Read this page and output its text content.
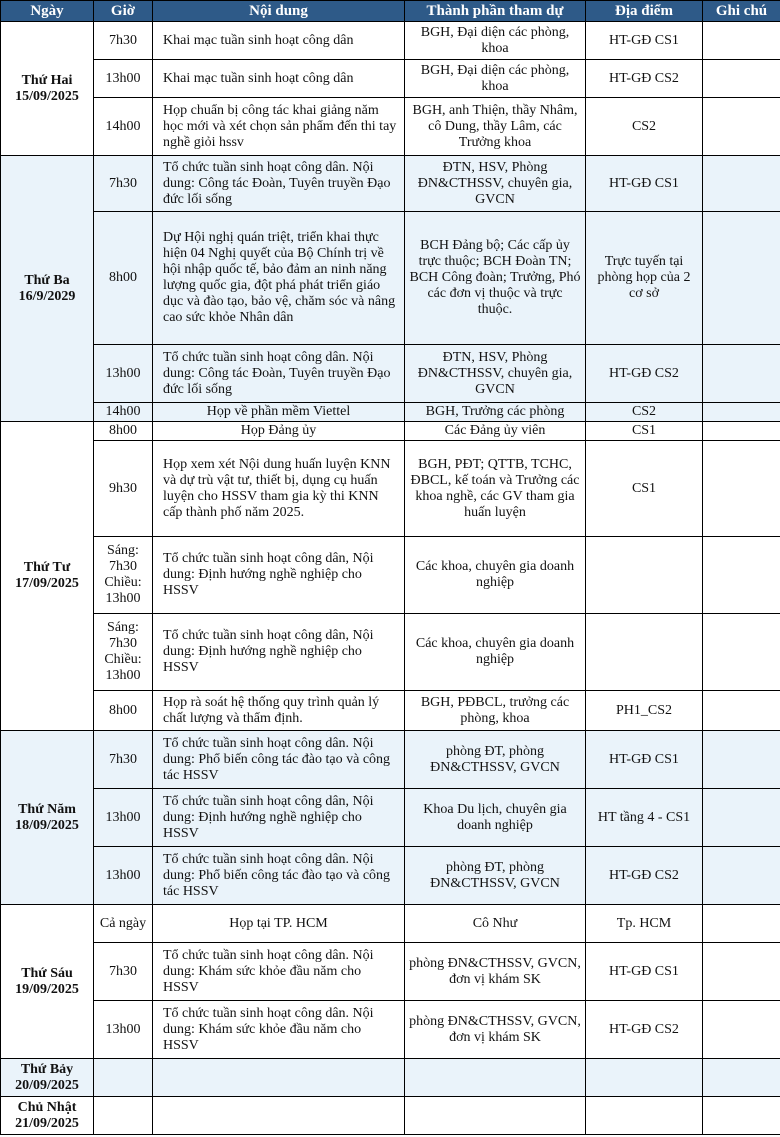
Ngày	Giờ	Nội dung	Thành phần tham dự	Địa điểm	Ghi chú

Thứ Hai
15/09/2025	7h30	Khai mạc tuần sinh hoạt công dân	BGH, Đại diện các phòng, khoa	HT-GĐ CS1	
	13h00	Khai mạc tuần sinh hoạt công dân	BGH, Đại diện các phòng, khoa	HT-GĐ CS2	
	14h00	Họp chuẩn bị công tác khai giảng năm học mới và xét chọn sản phẩm đến thi tay nghề giỏi hssv	BGH, anh Thiện, thầy Nhâm, cô Dung, thầy Lâm, các Trưởng khoa	CS2	

Thứ Ba
16/9/2029	7h30	Tổ chức tuần sinh hoạt công dân. Nội dung: Công tác Đoàn, Tuyên truyền Đạo đức lối sống	ĐTN, HSV, Phòng ĐN&CTHSSV, chuyên gia, GVCN	HT-GĐ CS1	
	8h00	Dự Hội nghị quán triệt, triển khai thực hiện 04 Nghị quyết của Bộ Chính trị về hội nhập quốc tế, bảo đảm an ninh năng lượng quốc gia, đột phá phát triển giáo dục và đào tạo, bảo vệ, chăm sóc và nâng cao sức khỏe Nhân dân	BCH Đảng bộ; Các cấp ủy trực thuộc; BCH Đoàn TN; BCH Công đoàn; Trưởng, Phó các đơn vị thuộc và trực thuộc.	Trực tuyến tại phòng họp của 2 cơ sở	
	13h00	Tổ chức tuần sinh hoạt công dân. Nội dung: Công tác Đoàn, Tuyên truyền Đạo đức lối sống	ĐTN, HSV, Phòng ĐN&CTHSSV, chuyên gia, GVCN	HT-GĐ CS2	
	14h00	Họp về phần mềm Viettel	BGH, Trưởng các phòng	CS2	

Thứ Tư
17/09/2025	8h00	Họp Đảng ủy	Các Đảng ủy viên	CS1	
	9h30	Họp xem xét Nội dung huấn luyện KNN và dự trù vật tư, thiết bị, dụng cụ huấn luyện cho HSSV tham gia kỳ thi KNN cấp thành phố năm 2025.	BGH, PĐT; QTTB, TCHC, ĐBCL, kế toán và Trưởng các khoa nghề, các GV tham gia huấn luyện	CS1	
	Sáng: 7h30 Chiều: 13h00	Tổ chức tuần sinh hoạt công dân, Nội dung: Định hướng nghề nghiệp cho HSSV	Các khoa, chuyên gia doanh nghiệp		
	Sáng: 7h30 Chiều: 13h00	Tổ chức tuần sinh hoạt công dân, Nội dung: Định hướng nghề nghiệp cho HSSV	Các khoa, chuyên gia doanh nghiệp		
	8h00	Họp rà soát hệ thống quy trình quản lý chất lượng và thẩm định.	BGH, PĐBCL, trưởng các phòng, khoa	PH1_CS2	

Thứ Năm
18/09/2025	7h30	Tổ chức tuần sinh hoạt công dân. Nội dung: Phổ biến công tác đào tạo và công tác HSSV	phòng ĐT, phòng ĐN&CTHSSV, GVCN	HT-GĐ CS1	
	13h00	Tổ chức tuần sinh hoạt công dân, Nội dung: Định hướng nghề nghiệp cho HSSV	Khoa Du lịch, chuyên gia doanh nghiệp	HT tầng 4 - CS1	
	13h00	Tổ chức tuần sinh hoạt công dân. Nội dung: Phổ biến công tác đào tạo và công tác HSSV	phòng ĐT, phòng ĐN&CTHSSV, GVCN	HT-GĐ CS2	

Thứ Sáu
19/09/2025	Cả ngày	Họp tại TP. HCM	Cô Như	Tp. HCM	
	7h30	Tổ chức tuần sinh hoạt công dân. Nội dung: Khám sức khỏe đầu năm cho HSSV	phòng ĐN&CTHSSV, GVCN, đơn vị khám SK	HT-GĐ CS1	
	13h00	Tổ chức tuần sinh hoạt công dân. Nội dung: Khám sức khỏe đầu năm cho HSSV	phòng ĐN&CTHSSV, GVCN, đơn vị khám SK	HT-GĐ CS2	

Thứ Bảy
20/09/2025					

Chủ Nhật
21/09/2025					
